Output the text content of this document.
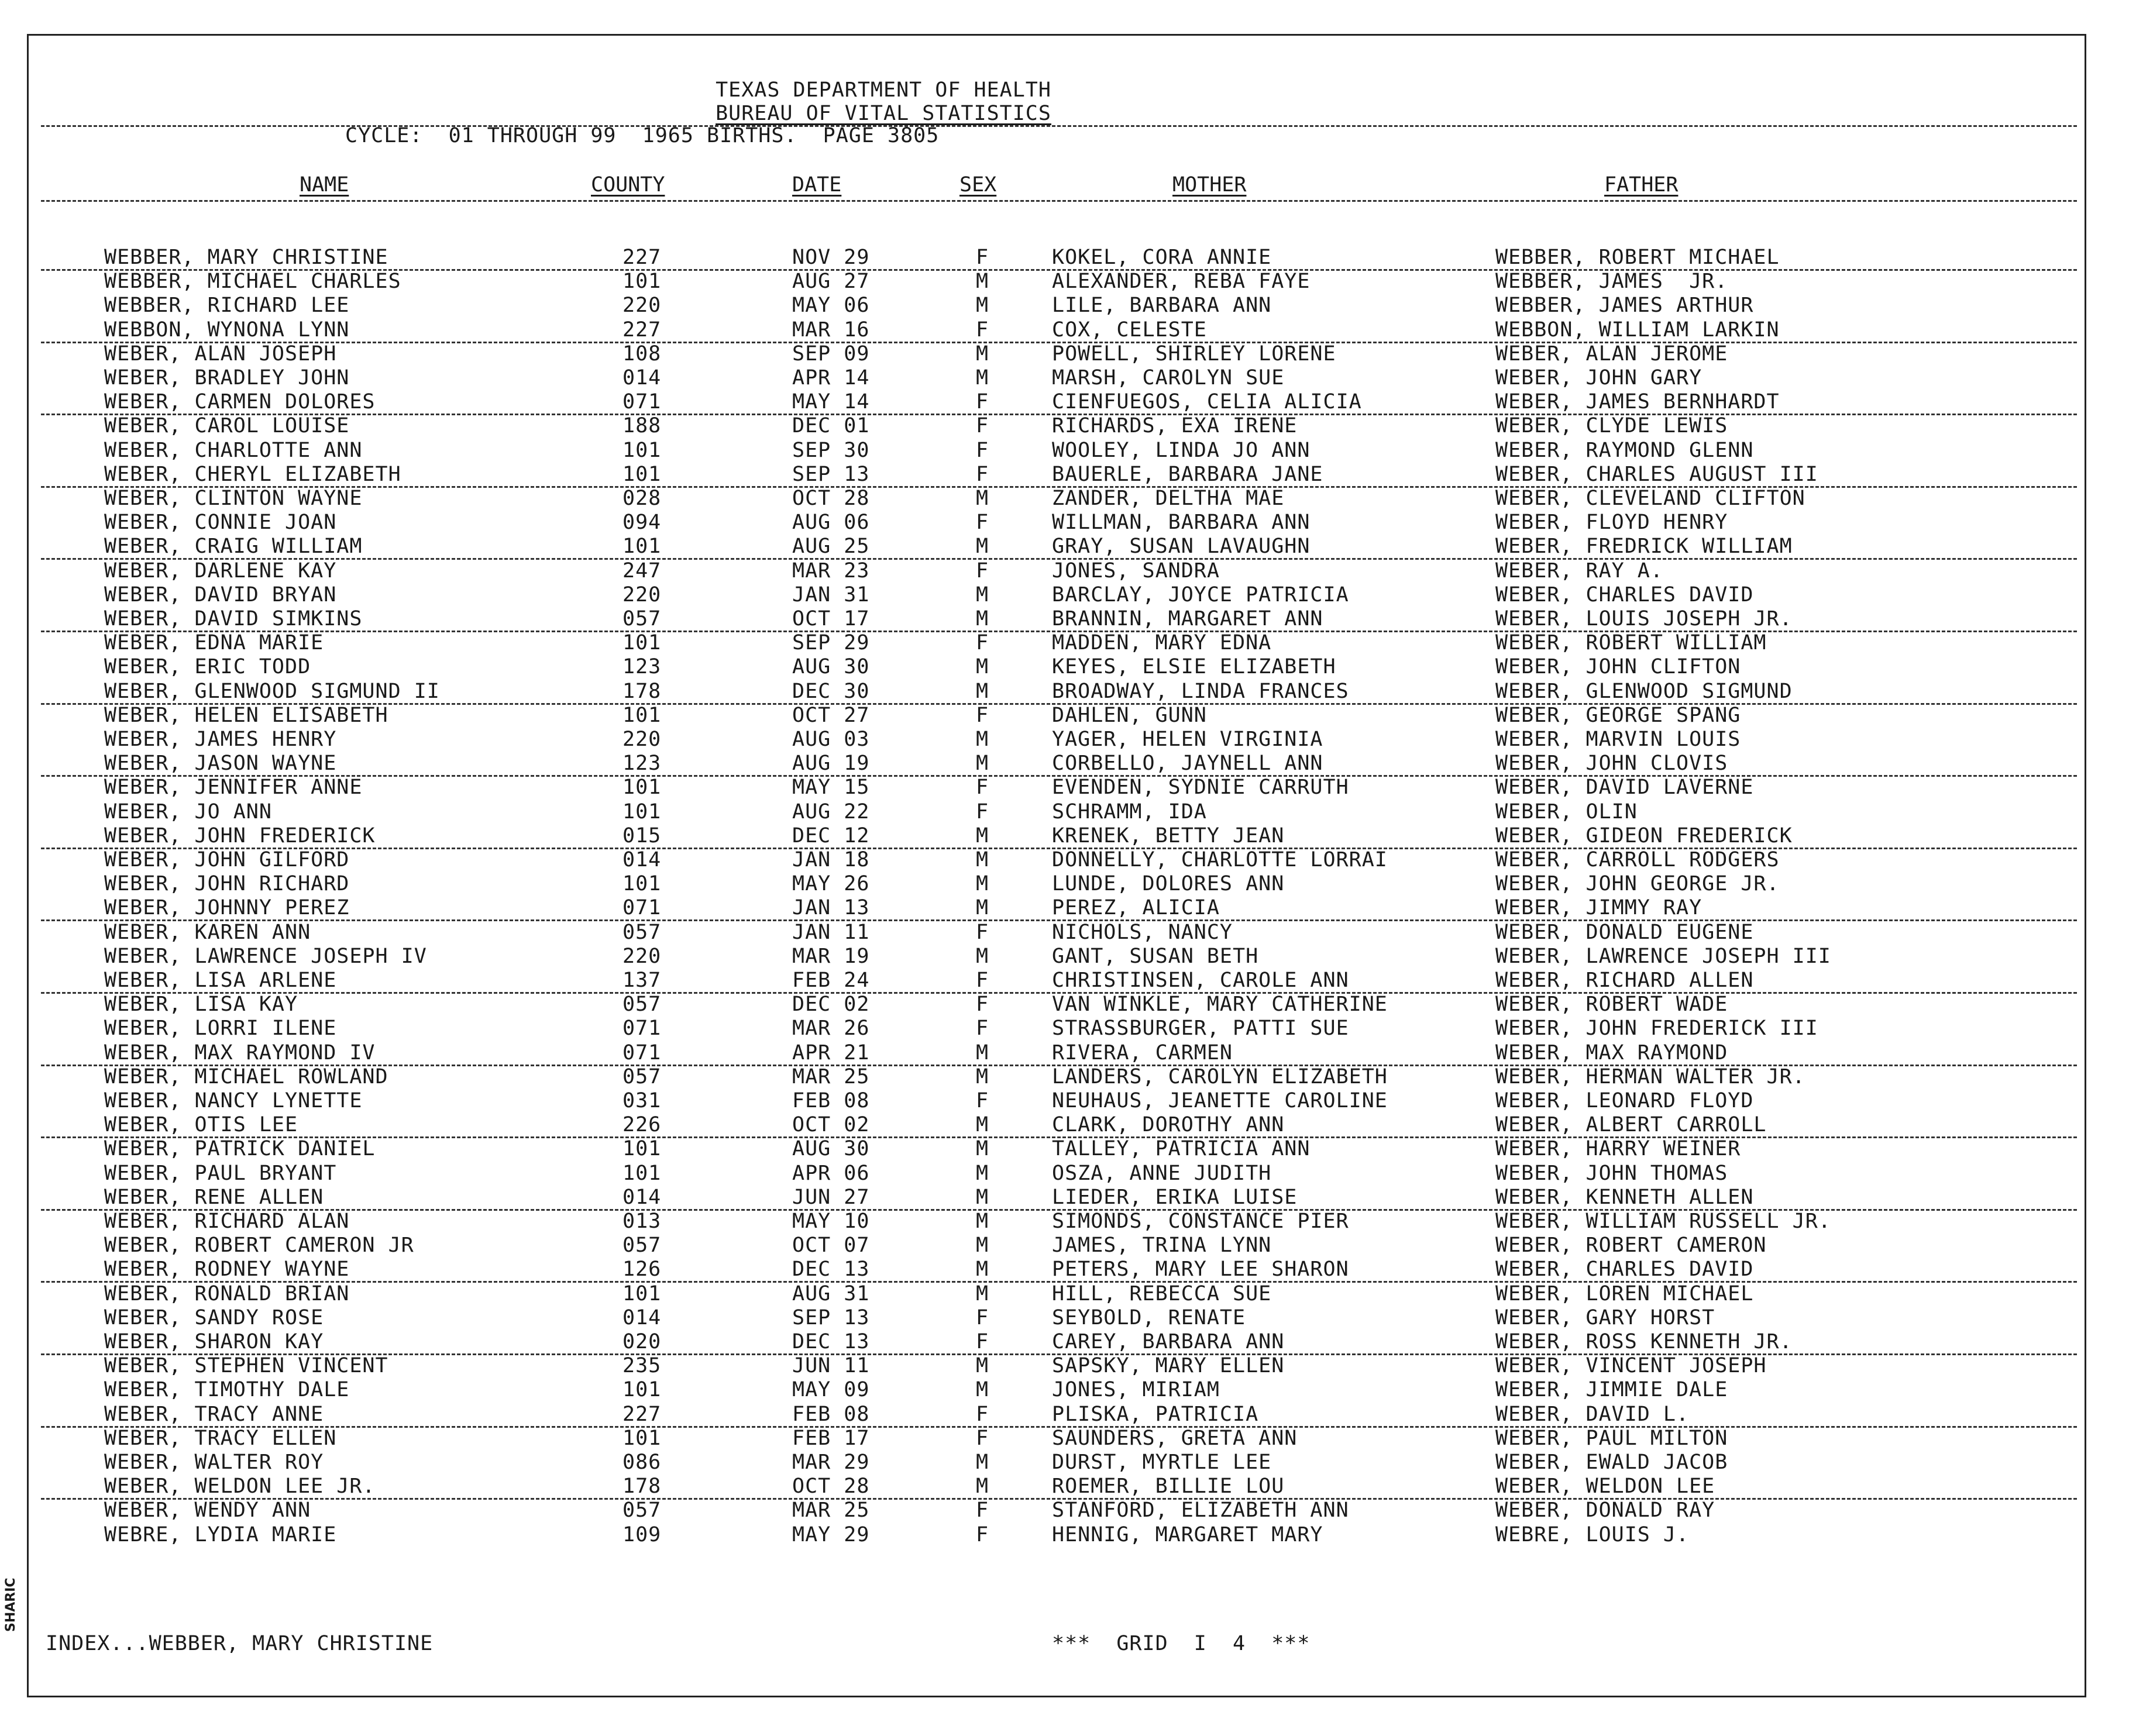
TEXAS DEPARTMENT OF HEALTH
BUREAU OF VITAL STATISTICS
CYCLE:  01 THROUGH 99  1965 BIRTHS.  PAGE 3805
NAME	COUNTY	DATE	SEX	MOTHER	FATHER
WEBBER, MARY CHRISTINE	227	NOV 29	F	KOKEL, CORA ANNIE	WEBBER, ROBERT MICHAEL
WEBBER, MICHAEL CHARLES	101	AUG 27	M	ALEXANDER, REBA FAYE	WEBBER, JAMES  JR.
WEBBER, RICHARD LEE	220	MAY 06	M	LILE, BARBARA ANN	WEBBER, JAMES ARTHUR
WEBBON, WYNONA LYNN	227	MAR 16	F	COX, CELESTE	WEBBON, WILLIAM LARKIN
WEBER, ALAN JOSEPH	108	SEP 09	M	POWELL, SHIRLEY LORENE	WEBER, ALAN JEROME
WEBER, BRADLEY JOHN	014	APR 14	M	MARSH, CAROLYN SUE	WEBER, JOHN GARY
WEBER, CARMEN DOLORES	071	MAY 14	F	CIENFUEGOS, CELIA ALICIA	WEBER, JAMES BERNHARDT
WEBER, CAROL LOUISE	188	DEC 01	F	RICHARDS, EXA IRENE	WEBER, CLYDE LEWIS
WEBER, CHARLOTTE ANN	101	SEP 30	F	WOOLEY, LINDA JO ANN	WEBER, RAYMOND GLENN
WEBER, CHERYL ELIZABETH	101	SEP 13	F	BAUERLE, BARBARA JANE	WEBER, CHARLES AUGUST III
WEBER, CLINTON WAYNE	028	OCT 28	M	ZANDER, DELTHA MAE	WEBER, CLEVELAND CLIFTON
WEBER, CONNIE JOAN	094	AUG 06	F	WILLMAN, BARBARA ANN	WEBER, FLOYD HENRY
WEBER, CRAIG WILLIAM	101	AUG 25	M	GRAY, SUSAN LAVAUGHN	WEBER, FREDRICK WILLIAM
WEBER, DARLENE KAY	247	MAR 23	F	JONES, SANDRA	WEBER, RAY A.
WEBER, DAVID BRYAN	220	JAN 31	M	BARCLAY, JOYCE PATRICIA	WEBER, CHARLES DAVID
WEBER, DAVID SIMKINS	057	OCT 17	M	BRANNIN, MARGARET ANN	WEBER, LOUIS JOSEPH JR.
WEBER, EDNA MARIE	101	SEP 29	F	MADDEN, MARY EDNA	WEBER, ROBERT WILLIAM
WEBER, ERIC TODD	123	AUG 30	M	KEYES, ELSIE ELIZABETH	WEBER, JOHN CLIFTON
WEBER, GLENWOOD SIGMUND II	178	DEC 30	M	BROADWAY, LINDA FRANCES	WEBER, GLENWOOD SIGMUND
WEBER, HELEN ELISABETH	101	OCT 27	F	DAHLEN, GUNN	WEBER, GEORGE SPANG
WEBER, JAMES HENRY	220	AUG 03	M	YAGER, HELEN VIRGINIA	WEBER, MARVIN LOUIS
WEBER, JASON WAYNE	123	AUG 19	M	CORBELLO, JAYNELL ANN	WEBER, JOHN CLOVIS
WEBER, JENNIFER ANNE	101	MAY 15	F	EVENDEN, SYDNIE CARRUTH	WEBER, DAVID LAVERNE
WEBER, JO ANN	101	AUG 22	F	SCHRAMM, IDA	WEBER, OLIN
WEBER, JOHN FREDERICK	015	DEC 12	M	KRENEK, BETTY JEAN	WEBER, GIDEON FREDERICK
WEBER, JOHN GILFORD	014	JAN 18	M	DONNELLY, CHARLOTTE LORRAI	WEBER, CARROLL RODGERS
WEBER, JOHN RICHARD	101	MAY 26	M	LUNDE, DOLORES ANN	WEBER, JOHN GEORGE JR.
WEBER, JOHNNY PEREZ	071	JAN 13	M	PEREZ, ALICIA	WEBER, JIMMY RAY
WEBER, KAREN ANN	057	JAN 11	F	NICHOLS, NANCY	WEBER, DONALD EUGENE
WEBER, LAWRENCE JOSEPH IV	220	MAR 19	M	GANT, SUSAN BETH	WEBER, LAWRENCE JOSEPH III
WEBER, LISA ARLENE	137	FEB 24	F	CHRISTINSEN, CAROLE ANN	WEBER, RICHARD ALLEN
WEBER, LISA KAY	057	DEC 02	F	VAN WINKLE, MARY CATHERINE	WEBER, ROBERT WADE
WEBER, LORRI ILENE	071	MAR 26	F	STRASSBURGER, PATTI SUE	WEBER, JOHN FREDERICK III
WEBER, MAX RAYMOND IV	071	APR 21	M	RIVERA, CARMEN	WEBER, MAX RAYMOND
WEBER, MICHAEL ROWLAND	057	MAR 25	M	LANDERS, CAROLYN ELIZABETH	WEBER, HERMAN WALTER JR.
WEBER, NANCY LYNETTE	031	FEB 08	F	NEUHAUS, JEANETTE CAROLINE	WEBER, LEONARD FLOYD
WEBER, OTIS LEE	226	OCT 02	M	CLARK, DOROTHY ANN	WEBER, ALBERT CARROLL
WEBER, PATRICK DANIEL	101	AUG 30	M	TALLEY, PATRICIA ANN	WEBER, HARRY WEINER
WEBER, PAUL BRYANT	101	APR 06	M	OSZA, ANNE JUDITH	WEBER, JOHN THOMAS
WEBER, RENE ALLEN	014	JUN 27	M	LIEDER, ERIKA LUISE	WEBER, KENNETH ALLEN
WEBER, RICHARD ALAN	013	MAY 10	M	SIMONDS, CONSTANCE PIER	WEBER, WILLIAM RUSSELL JR.
WEBER, ROBERT CAMERON JR	057	OCT 07	M	JAMES, TRINA LYNN	WEBER, ROBERT CAMERON
WEBER, RODNEY WAYNE	126	DEC 13	M	PETERS, MARY LEE SHARON	WEBER, CHARLES DAVID
WEBER, RONALD BRIAN	101	AUG 31	M	HILL, REBECCA SUE	WEBER, LOREN MICHAEL
WEBER, SANDY ROSE	014	SEP 13	F	SEYBOLD, RENATE	WEBER, GARY HORST
WEBER, SHARON KAY	020	DEC 13	F	CAREY, BARBARA ANN	WEBER, ROSS KENNETH JR.
WEBER, STEPHEN VINCENT	235	JUN 11	M	SAPSKY, MARY ELLEN	WEBER, VINCENT JOSEPH
WEBER, TIMOTHY DALE	101	MAY 09	M	JONES, MIRIAM	WEBER, JIMMIE DALE
WEBER, TRACY ANNE	227	FEB 08	F	PLISKA, PATRICIA	WEBER, DAVID L.
WEBER, TRACY ELLEN	101	FEB 17	F	SAUNDERS, GRETA ANN	WEBER, PAUL MILTON
WEBER, WALTER ROY	086	MAR 29	M	DURST, MYRTLE LEE	WEBER, EWALD JACOB
WEBER, WELDON LEE JR.	178	OCT 28	M	ROEMER, BILLIE LOU	WEBER, WELDON LEE
WEBER, WENDY ANN	057	MAR 25	F	STANFORD, ELIZABETH ANN	WEBER, DONALD RAY
WEBRE, LYDIA MARIE	109	MAY 29	F	HENNIG, MARGARET MARY	WEBRE, LOUIS J.
INDEX...WEBBER, MARY CHRISTINE	***  GRID  I  4  ***
SHARIC
